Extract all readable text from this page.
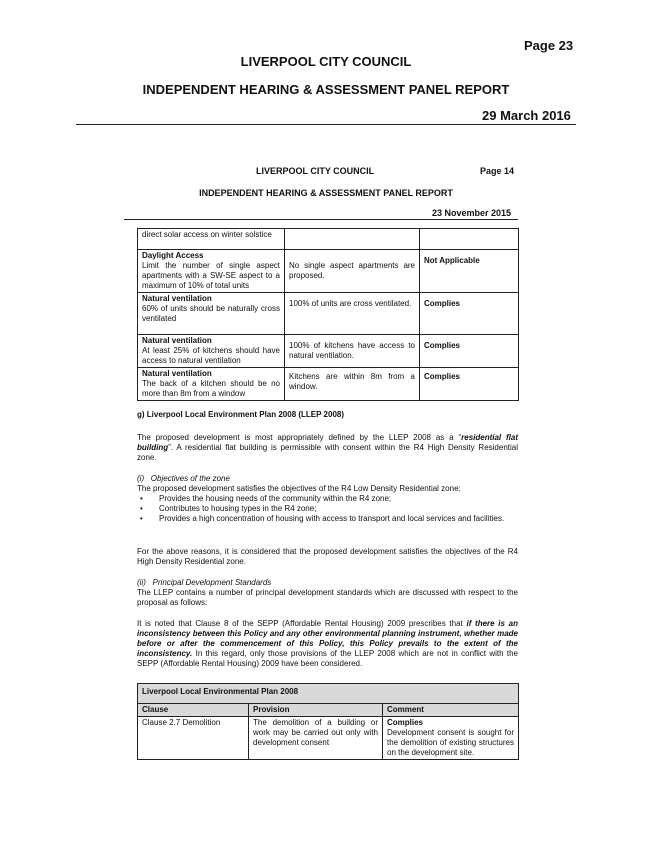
Page 23
LIVERPOOL CITY COUNCIL
INDEPENDENT HEARING & ASSESSMENT PANEL REPORT
29 March 2016
LIVERPOOL CITY COUNCIL	Page 14
INDEPENDENT HEARING & ASSESSMENT PANEL REPORT
23 November 2015
direct solar access on winter solstice		

Daylight Access
Limit the number of single aspect apartments with a SW-SE aspect to a maximum of 10% of total units	No single aspect apartments are proposed.	Not Applicable

Natural ventilation
60% of units should be naturally cross ventilated	100% of units are cross ventilated.	Complies

Natural ventilation
At least 25% of kitchens should have access to natural ventilation	100% of kitchens have access to natural ventilation.	Complies

Natural ventilation
The back of a kitchen should be no more than 8m from a window	Kitchens are within 8m from a window.	Complies
g) Liverpool Local Environment Plan 2008 (LLEP 2008)
The proposed development is most appropriately defined by the LLEP 2008 as a “residential flat building”. A residential flat building is permissible with consent within the R4 High Density Residential zone.
(i)   Objectives of the zone
The proposed development satisfies the objectives of the R4 Low Density Residential zone:
• Provides the housing needs of the community within the R4 zone;
• Contributes to housing types in the R4 zone;
• Provides a high concentration of housing with access to transport and local services and facilities.
For the above reasons, it is considered that the proposed development satisfies the objectives of the R4 High Density Residential zone.
(ii)   Principal Development Standards
The LLEP contains a number of principal development standards which are discussed with respect to the proposal as follows:
It is noted that Clause 8 of the SEPP (Affordable Rental Housing) 2009 prescribes that if there is an inconsistency between this Policy and any other environmental planning instrument, whether made before or after the commencement of this Policy, this Policy prevails to the extent of the inconsistency. In this regard, only those provisions of the LLEP 2008 which are not in conflict with the SEPP (Affordable Rental Housing) 2009 have been considered.
Liverpool Local Environmental Plan 2008		
Clause	Provision	Comment
Clause 2.7 Demolition	The demolition of a building or work may be carried out only with development consent	Complies
Development consent is sought for the demolition of existing structures on the development site.
